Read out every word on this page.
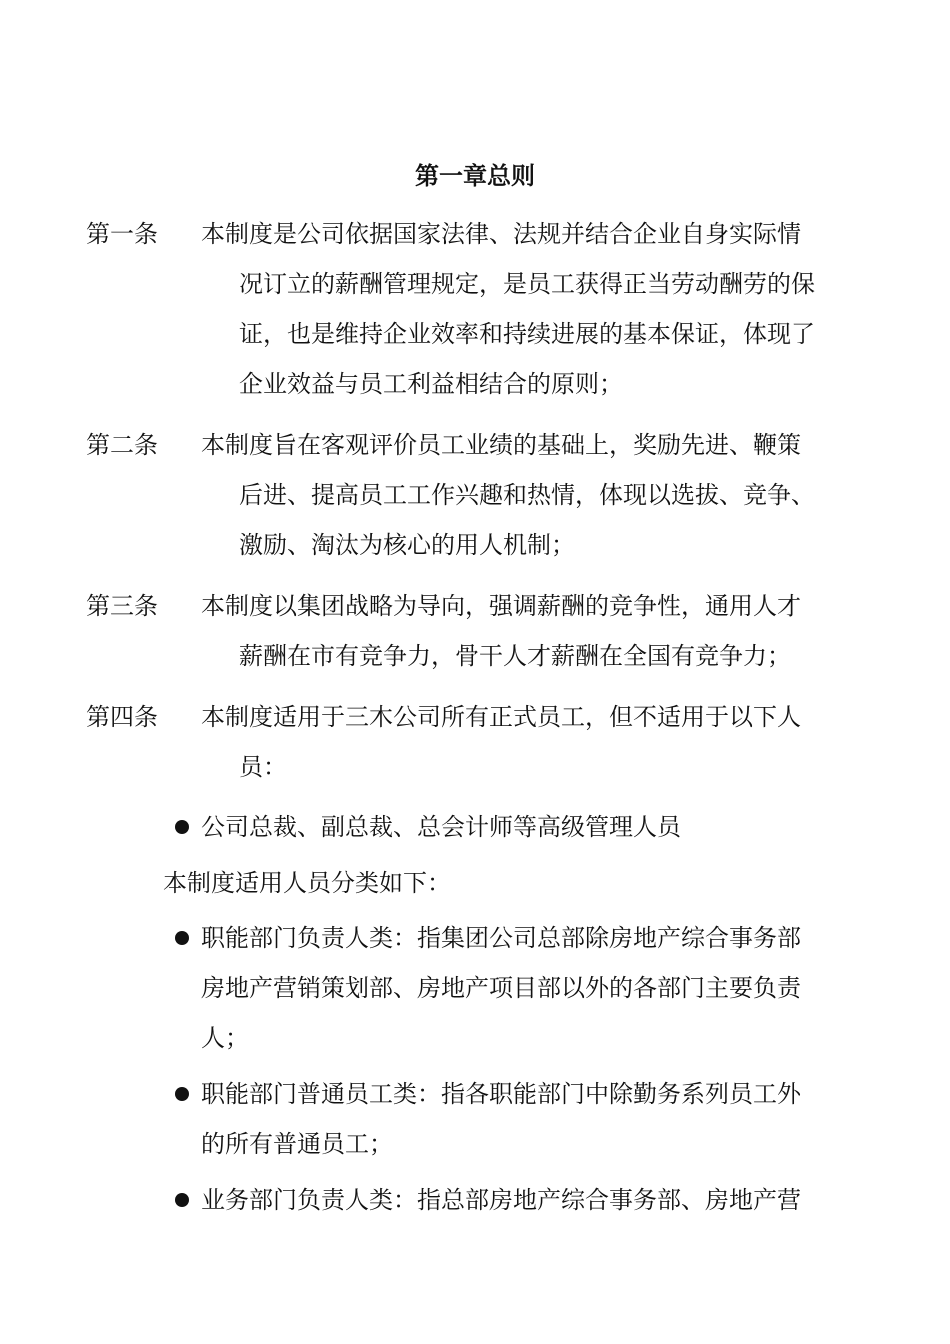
第一章总则
第一条 本制度是公司依据国家法律、法规并结合企业自身实际情
况订立的薪酬管理规定，是员工获得正当劳动酬劳的保
证，也是维持企业效率和持续进展的基本保证，体现了
企业效益与员工利益相结合的原则；
第二条 本制度旨在客观评价员工业绩的基础上，奖励先进、鞭策
后进、提高员工工作兴趣和热情，体现以选拔、竞争、
激励、淘汰为核心的用人机制；
第三条 本制度以集团战略为导向，强调薪酬的竞争性，通用人才
薪酬在市有竞争力，骨干人才薪酬在全国有竞争力；
第四条 本制度适用于三木公司所有正式员工，但不适用于以下人
员：
公司总裁、副总裁、总会计师等高级管理人员
本制度适用人员分类如下：
职能部门负责人类：指集团公司总部除房地产综合事务部
房地产营销策划部、房地产项目部以外的各部门主要负责
人；
职能部门普通员工类：指各职能部门中除勤务系列员工外
的所有普通员工；
业务部门负责人类：指总部房地产综合事务部、房地产营
